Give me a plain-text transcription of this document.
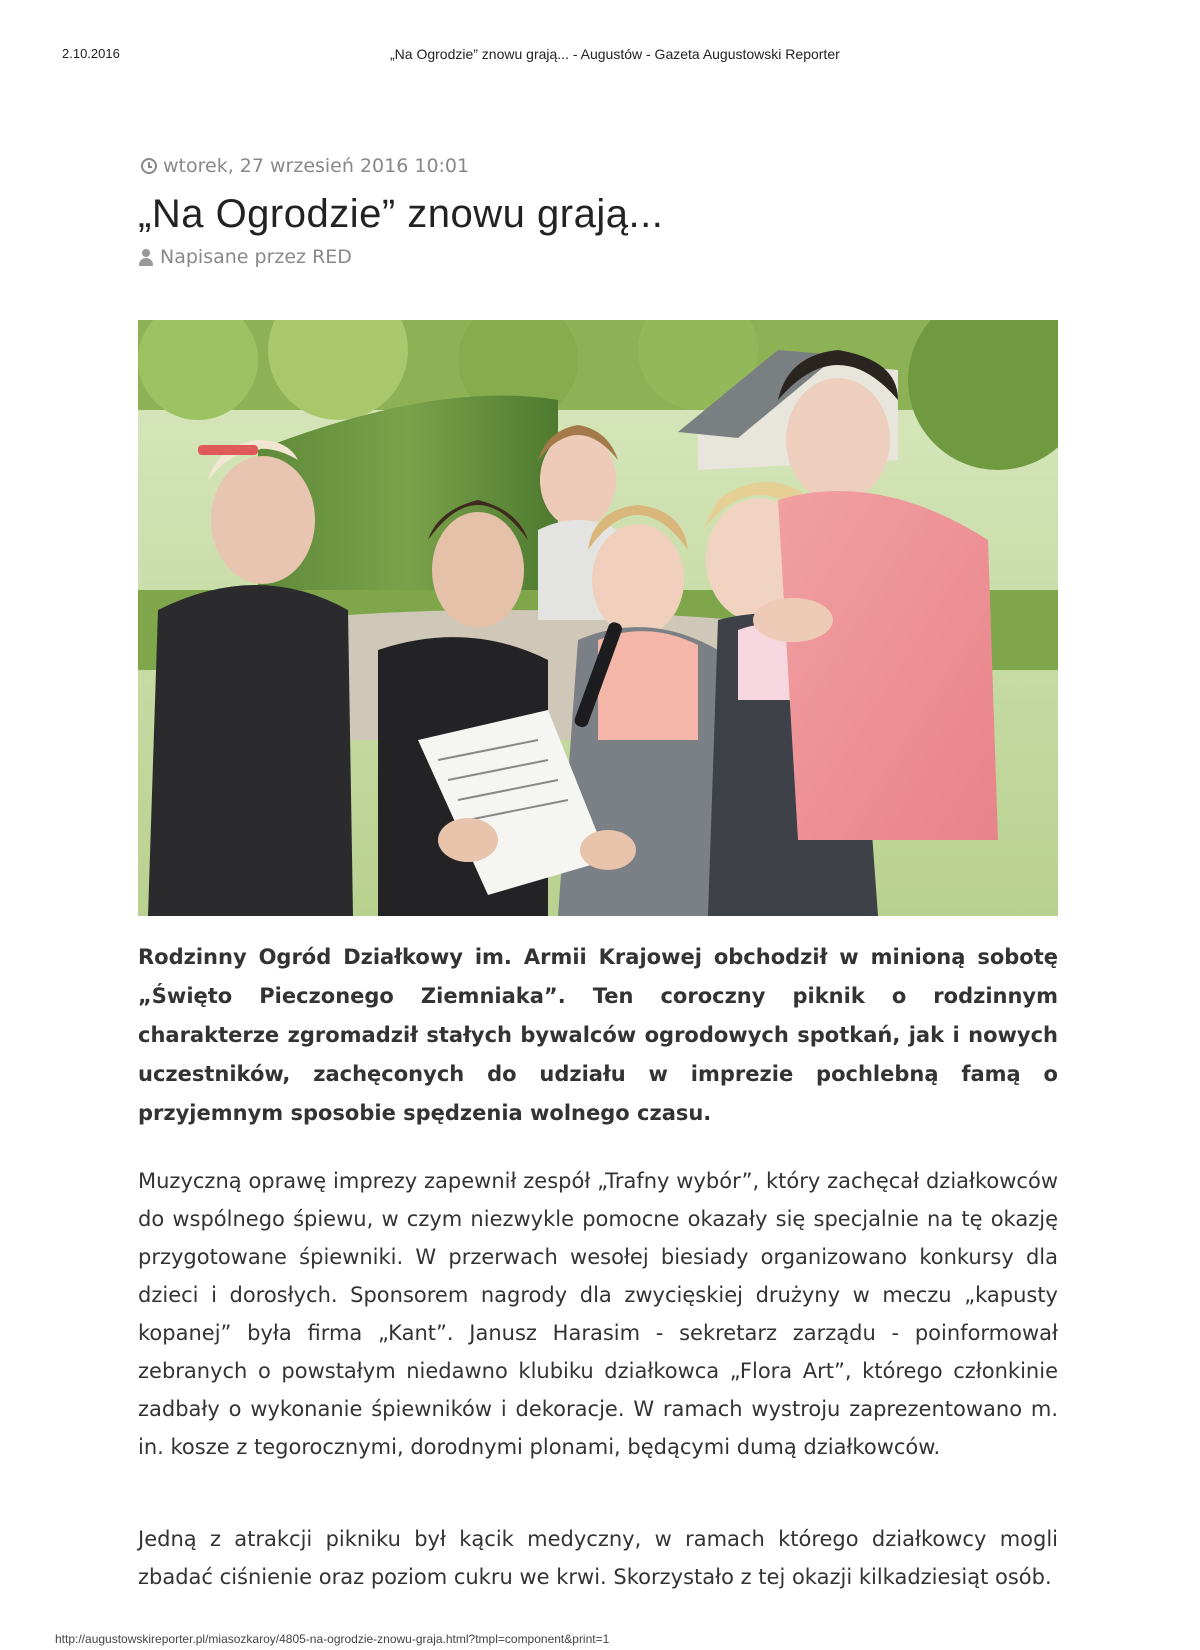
2.10.2016	„Na Ogrodzie” znowu grają... - Augustów - Gazeta Augustowski Reporter
wtorek, 27 wrzesień 2016 10:01
„Na Ogrodzie” znowu grają...
Napisane przez
RED

Rodzinny Ogród Działkowy im. Armii Krajowej obchodził w minioną sobotę „Święto Pieczonego Ziemniaka”. Ten coroczny piknik o rodzinnym charakterze zgromadził stałych bywalców ogrodowych spotkań, jak i nowych uczestników, zachęconych do udziału w imprezie pochlebną famą o przyjemnym sposobie spędzenia wolnego czasu.

Muzyczną oprawę imprezy zapewnił zespół „Trafny wybór”, który zachęcał działkowców do wspólnego śpiewu, w czym niezwykle pomocne okazały się specjalnie na tę okazję przygotowane śpiewniki. W przerwach wesołej biesiady organizowano konkursy dla dzieci i dorosłych. Sponsorem nagrody dla zwycięskiej drużyny w meczu „kapusty kopanej” była firma „Kant”. Janusz Harasim - sekretarz zarządu - poinformował zebranych o powstałym niedawno klubiku działkowca „Flora Art”, którego członkinie zadbały o wykonanie śpiewników i dekoracje. W ramach wystroju zaprezentowano m. in. kosze z tegorocznymi, dorodnymi plonami, będącymi dumą działkowców.

Jedną z atrakcji pikniku był kącik medyczny, w ramach którego działkowcy mogli zbadać ciśnienie oraz poziom cukru we krwi. Skorzystało z tej okazji kilkadziesiąt osób.

http://augustowskireporter.pl/miasozkaroy/4805-na-ogrodzie-znowu-graja.html?tmpl=component&print=1
